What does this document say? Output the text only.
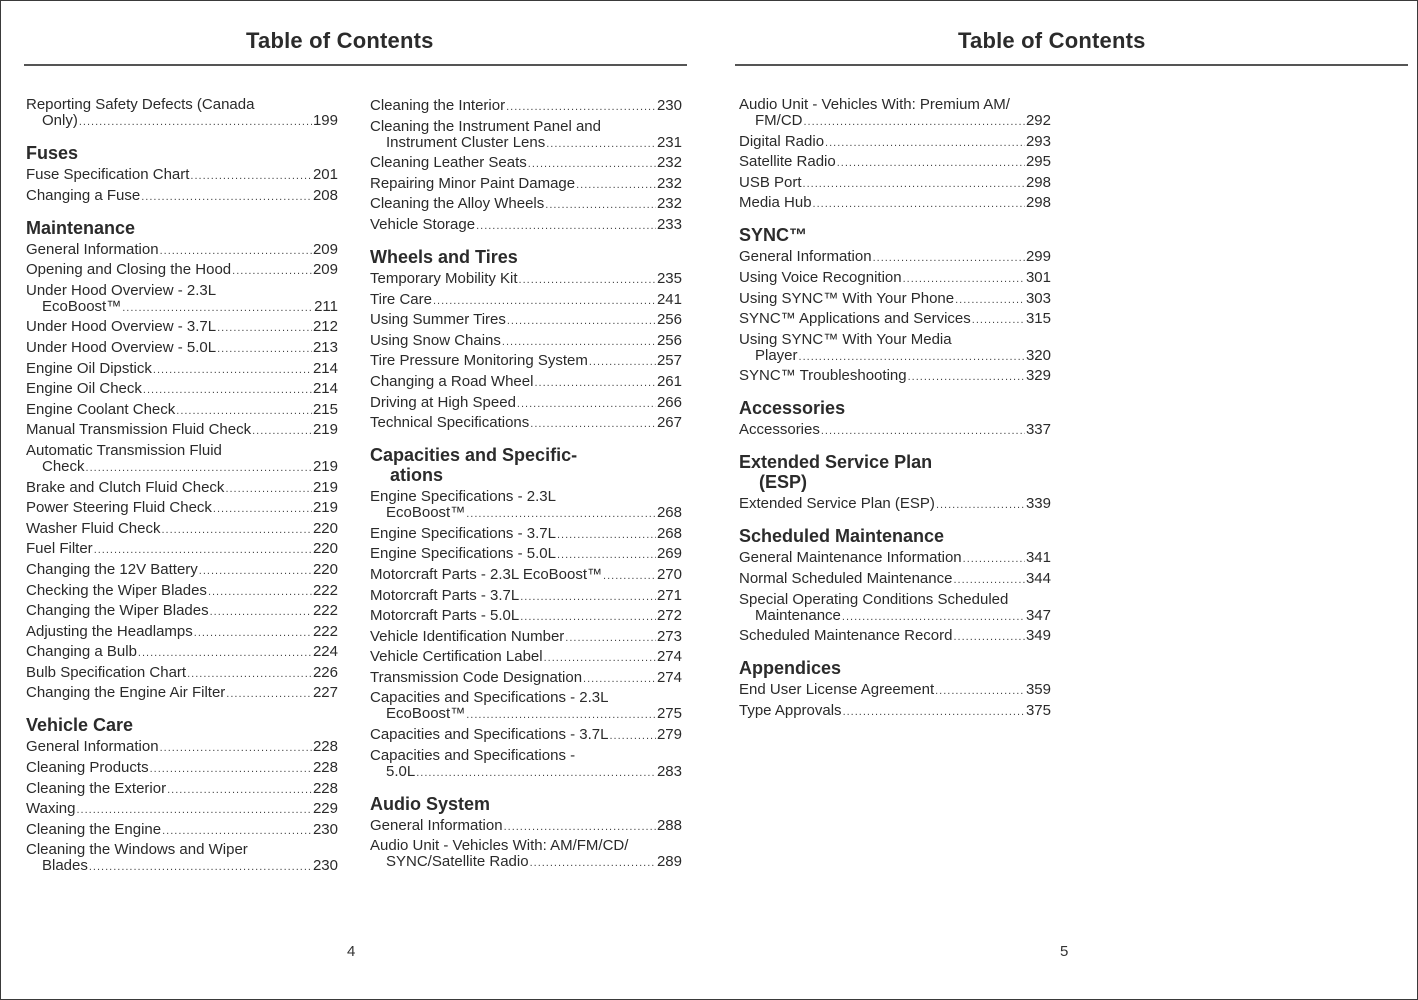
Table of Contents	Table of Contents
Reporting Safety Defects (Canada
Only) .....	199
Fuses
Fuse Specification Chart .....	201
Changing a Fuse .....	208
Maintenance
General Information .....	209
Opening and Closing the Hood .....	209
Under Hood Overview - 2.3L
EcoBoost™ .....	211
Under Hood Overview - 3.7L .....	212
Under Hood Overview - 5.0L .....	213
Engine Oil Dipstick .....	214
Engine Oil Check .....	214
Engine Coolant Check .....	215
Manual Transmission Fluid Check .....	219
Automatic Transmission Fluid
Check .....	219
Brake and Clutch Fluid Check .....	219
Power Steering Fluid Check .....	219
Washer Fluid Check .....	220
Fuel Filter .....	220
Changing the 12V Battery .....	220
Checking the Wiper Blades .....	222
Changing the Wiper Blades .....	222
Adjusting the Headlamps .....	222
Changing a Bulb .....	224
Bulb Specification Chart .....	226
Changing the Engine Air Filter .....	227
Vehicle Care
General Information .....	228
Cleaning Products .....	228
Cleaning the Exterior .....	228
Waxing .....	229
Cleaning the Engine .....	230
Cleaning the Windows and Wiper
Blades .....	230
Cleaning the Interior .....	230
Cleaning the Instrument Panel and
Instrument Cluster Lens .....	231
Cleaning Leather Seats .....	232
Repairing Minor Paint Damage .....	232
Cleaning the Alloy Wheels .....	232
Vehicle Storage .....	233
Wheels and Tires
Temporary Mobility Kit .....	235
Tire Care .....	241
Using Summer Tires .....	256
Using Snow Chains .....	256
Tire Pressure Monitoring System .....	257
Changing a Road Wheel .....	261
Driving at High Speed .....	266
Technical Specifications .....	267
Capacities and Specific-
ations
Engine Specifications - 2.3L
EcoBoost™ .....	268
Engine Specifications - 3.7L .....	268
Engine Specifications - 5.0L .....	269
Motorcraft Parts - 2.3L EcoBoost™ .....	270
Motorcraft Parts - 3.7L .....	271
Motorcraft Parts - 5.0L .....	272
Vehicle Identification Number .....	273
Vehicle Certification Label .....	274
Transmission Code Designation .....	274
Capacities and Specifications - 2.3L
EcoBoost™ .....	275
Capacities and Specifications - 3.7L .....	279
Capacities and Specifications -
5.0L .....	283
Audio System
General Information .....	288
Audio Unit - Vehicles With: AM/FM/CD/
SYNC/Satellite Radio .....	289
Audio Unit - Vehicles With: Premium AM/
FM/CD .....	292
Digital Radio .....	293
Satellite Radio .....	295
USB Port .....	298
Media Hub .....	298
SYNC™
General Information .....	299
Using Voice Recognition .....	301
Using SYNC™ With Your Phone .....	303
SYNC™ Applications and Services .....	315
Using SYNC™ With Your Media
Player .....	320
SYNC™ Troubleshooting .....	329
Accessories
Accessories .....	337
Extended Service Plan
(ESP)
Extended Service Plan (ESP) .....	339
Scheduled Maintenance
General Maintenance Information .....	341
Normal Scheduled Maintenance .....	344
Special Operating Conditions Scheduled
Maintenance .....	347
Scheduled Maintenance Record .....	349
Appendices
End User License Agreement .....	359
Type Approvals .....	375
4	5
